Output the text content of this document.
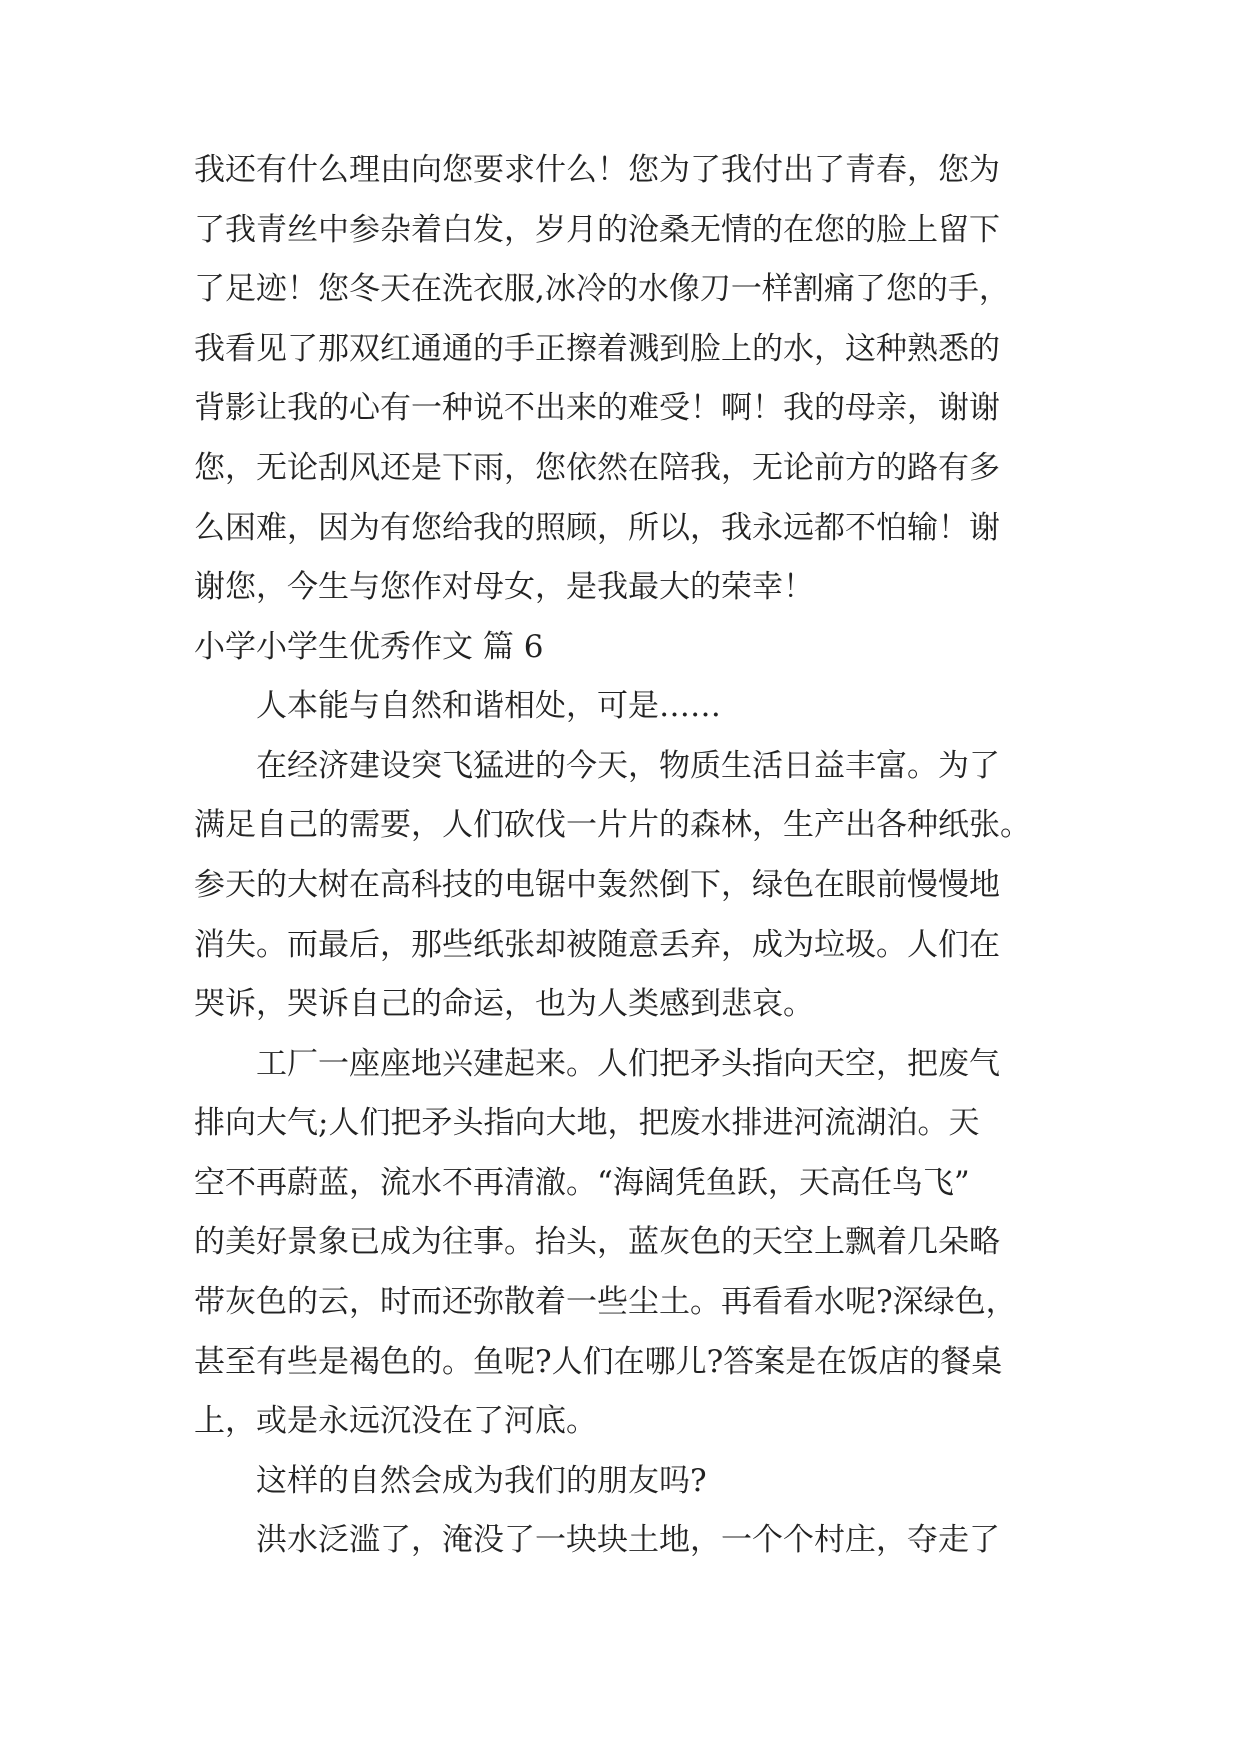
我还有什么理由向您要求什么！您为了我付出了青春，您为

了我青丝中参杂着白发，岁月的沧桑无情的在您的脸上留下

了足迹！您冬天在洗衣服,冰冷的水像刀一样割痛了您的手，

我看见了那双红通通的手正擦着溅到脸上的水，这种熟悉的

背影让我的心有一种说不出来的难受！啊！我的母亲，谢谢

您，无论刮风还是下雨，您依然在陪我，无论前方的路有多

么困难，因为有您给我的照顾，所以，我永远都不怕输！谢

谢您，今生与您作对母女，是我最大的荣幸！

小学小学生优秀作文 篇 6

人本能与自然和谐相处，可是……

在经济建设突飞猛进的今天，物质生活日益丰富。为了

满足自己的需要，人们砍伐一片片的森林，生产出各种纸张。

参天的大树在高科技的电锯中轰然倒下，绿色在眼前慢慢地

消失。而最后，那些纸张却被随意丢弃，成为垃圾。人们在

哭诉，哭诉自己的命运，也为人类感到悲哀。

工厂一座座地兴建起来。人们把矛头指向天空，把废气

排向大气;人们把矛头指向大地，把废水排进河流湖泊。天

空不再蔚蓝，流水不再清澈。“海阔凭鱼跃，天高任鸟飞”

的美好景象已成为往事。抬头，蓝灰色的天空上飘着几朵略

带灰色的云，时而还弥散着一些尘土。再看看水呢?深绿色，

甚至有些是褐色的。鱼呢?人们在哪儿?答案是在饭店的餐桌

上，或是永远沉没在了河底。

这样的自然会成为我们的朋友吗?

洪水泛滥了，淹没了一块块土地，一个个村庄，夺走了
